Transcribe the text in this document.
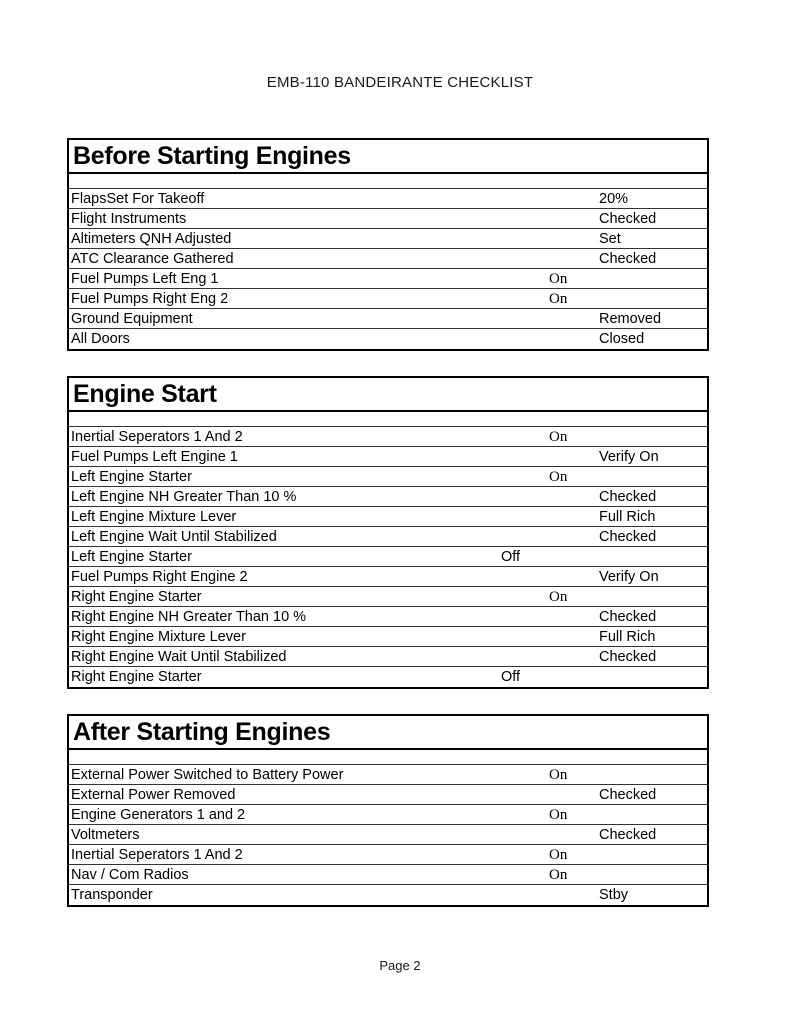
EMB-110 BANDEIRANTE CHECKLIST
Before Starting Engines
FlapsSet For Takeoff	20%
Flight Instruments	Checked
Altimeters QNH Adjusted	Set
ATC Clearance Gathered	Checked
Fuel Pumps Left Eng 1	On
Fuel Pumps Right Eng 2	On
Ground Equipment	Removed
All Doors	Closed
Engine Start
Inertial Seperators 1 And 2	On
Fuel Pumps Left Engine 1	Verify On
Left Engine Starter	On
Left Engine NH Greater Than 10 %	Checked
Left Engine Mixture Lever	Full Rich
Left Engine Wait Until Stabilized	Checked
Left Engine Starter	Off
Fuel Pumps Right Engine 2	Verify On
Right Engine Starter	On
Right Engine NH Greater Than 10 %	Checked
Right Engine Mixture Lever	Full Rich
Right Engine Wait Until Stabilized	Checked
Right Engine Starter	Off
After Starting Engines
External Power Switched to Battery Power	On
External Power Removed	Checked
Engine Generators 1 and 2	On
Voltmeters	Checked
Inertial Seperators 1 And 2	On
Nav / Com Radios	On
Transponder	Stby
Page 2
